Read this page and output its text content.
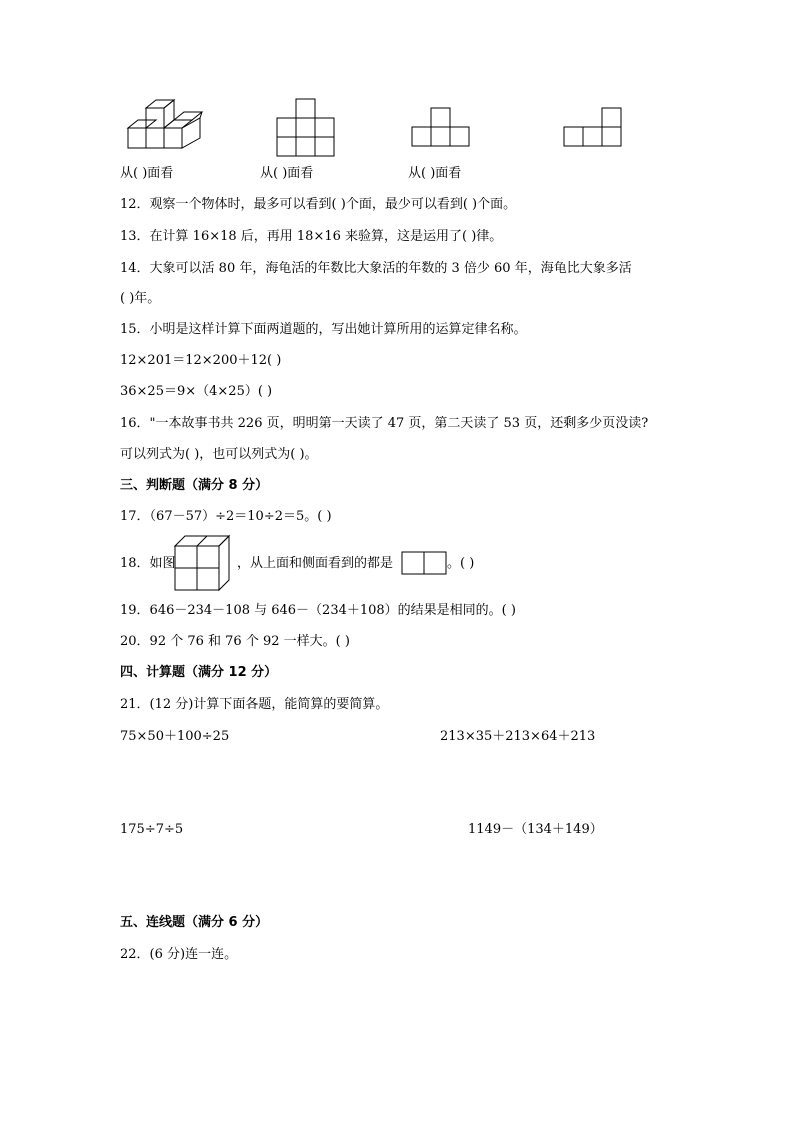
从( )面看	从( )面看	从( )面看
12．观察一个物体时，最多可以看到( )个面，最少可以看到( )个面。
13．在计算 16×18 后，再用 18×16 来验算，这是运用了( )律。
14．大象可以活 80 年，海龟活的年数比大象活的年数的 3 倍少 60 年，海龟比大象多活
( )年。
15．小明是这样计算下面两道题的，写出她计算所用的运算定律名称。
12×201＝12×200＋12( )
36×25＝9×（4×25）( )
16．"一本故事书共 226 页，明明第一天读了 47 页，第二天读了 53 页，还剩多少页没读?
可以列式为( )，也可以列式为( )。
三、判断题（满分 8 分）
17．（67－57）÷2＝10÷2＝5。( )
18．如图	，从上面和侧面看到的都是	。( )
19．646－234－108 与 646－（234＋108）的结果是相同的。( )
20．92 个 76 和 76 个 92 一样大。( )
四、计算题（满分 12 分）
21．(12 分)计算下面各题，能简算的要简算。
75×50＋100÷25	213×35＋213×64＋213
175÷7÷5	1149－（134＋149）
五、连线题（满分 6 分）
22．(6 分)连一连。
